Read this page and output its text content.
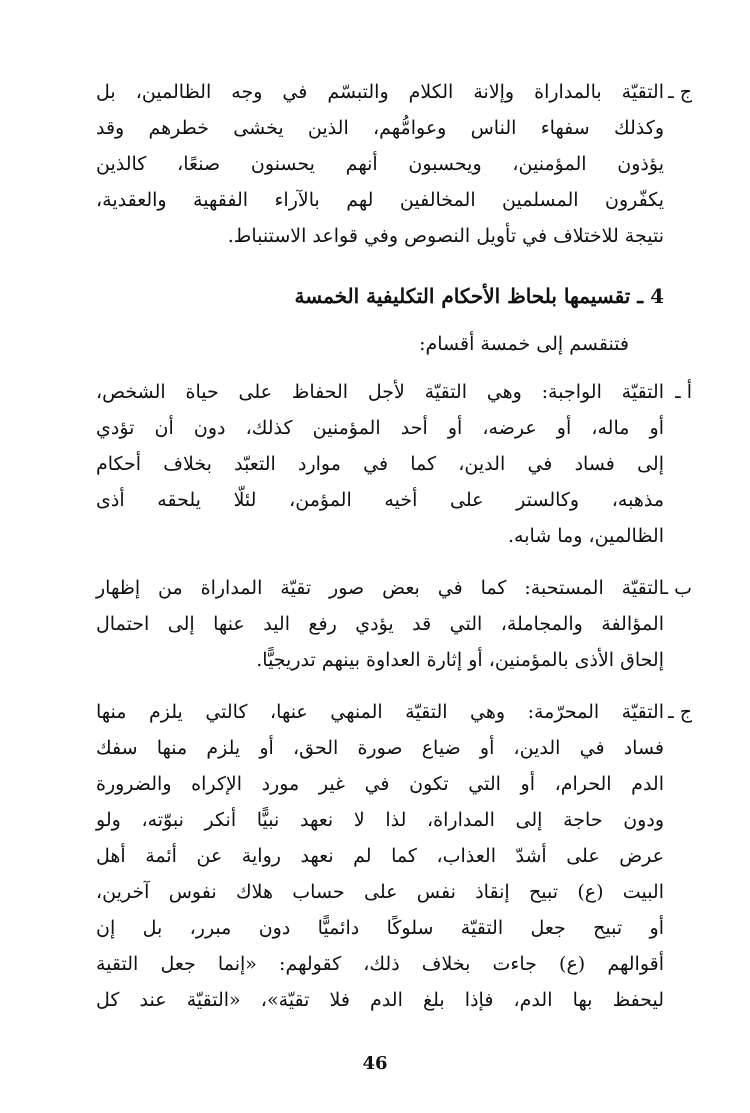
ج ـ
التقيّة بالمداراة وإلانة الكلام والتبسّم في وجه الظالمين، بل
وكذلك سفهاء الناس وعوامُّهم، الذين يخشى خطرهم وقد
يؤذون المؤمنين، ويحسبون أنهم يحسنون صنعًا، كالذين
يكفّرون المسلمين المخالفين لهم بالآراء الفقهية والعقدية،
نتيجة للاختلاف في تأويل النصوص وفي قواعد الاستنباط.
4 ـ تقسيمها بلحاظ الأحكام التكليفية الخمسة
فتنقسم إلى خمسة أقسام:
أ ـ
التقيّة الواجبة: وهي التقيّة لأجل الحفاظ على حياة الشخص،
أو ماله، أو عرضه، أو أحد المؤمنين كذلك، دون أن تؤدي
إلى فساد في الدين، كما في موارد التعبّد بخلاف أحكام
مذهبه، وكالستر على أخيه المؤمن، لئلّا يلحقه أذى
الظالمين، وما شابه.
ب ـ
التقيّة المستحبة: كما في بعض صور تقيّة المداراة من إظهار
المؤالفة والمجاملة، التي قد يؤدي رفع اليد عنها إلى احتمال
إلحاق الأذى بالمؤمنين، أو إثارة العداوة بينهم تدريجيًّا.
ج ـ
التقيّة المحرّمة: وهي التقيّة المنهي عنها، كالتي يلزم منها
فساد في الدين، أو ضياع صورة الحق، أو يلزم منها سفك
الدم الحرام، أو التي تكون في غير مورد الإكراه والضرورة
ودون حاجة إلى المداراة، لذا لا نعهد نبيًّا أنكر نبوّته، ولو
عرض على أشدّ العذاب، كما لم نعهد رواية عن أئمة أهل
البيت (ع) تبيح إنقاذ نفس على حساب هلاك نفوس آخرين،
أو تبيح جعل التقيّة سلوكًا دائميًّا دون مبرر، بل إن
أقوالهم (ع) جاءت بخلاف ذلك، كقولهم: «إنما جعل التقية
ليحفظ بها الدم، فإذا بلغ الدم فلا تقيّة»، «التقيّة عند كل
46
